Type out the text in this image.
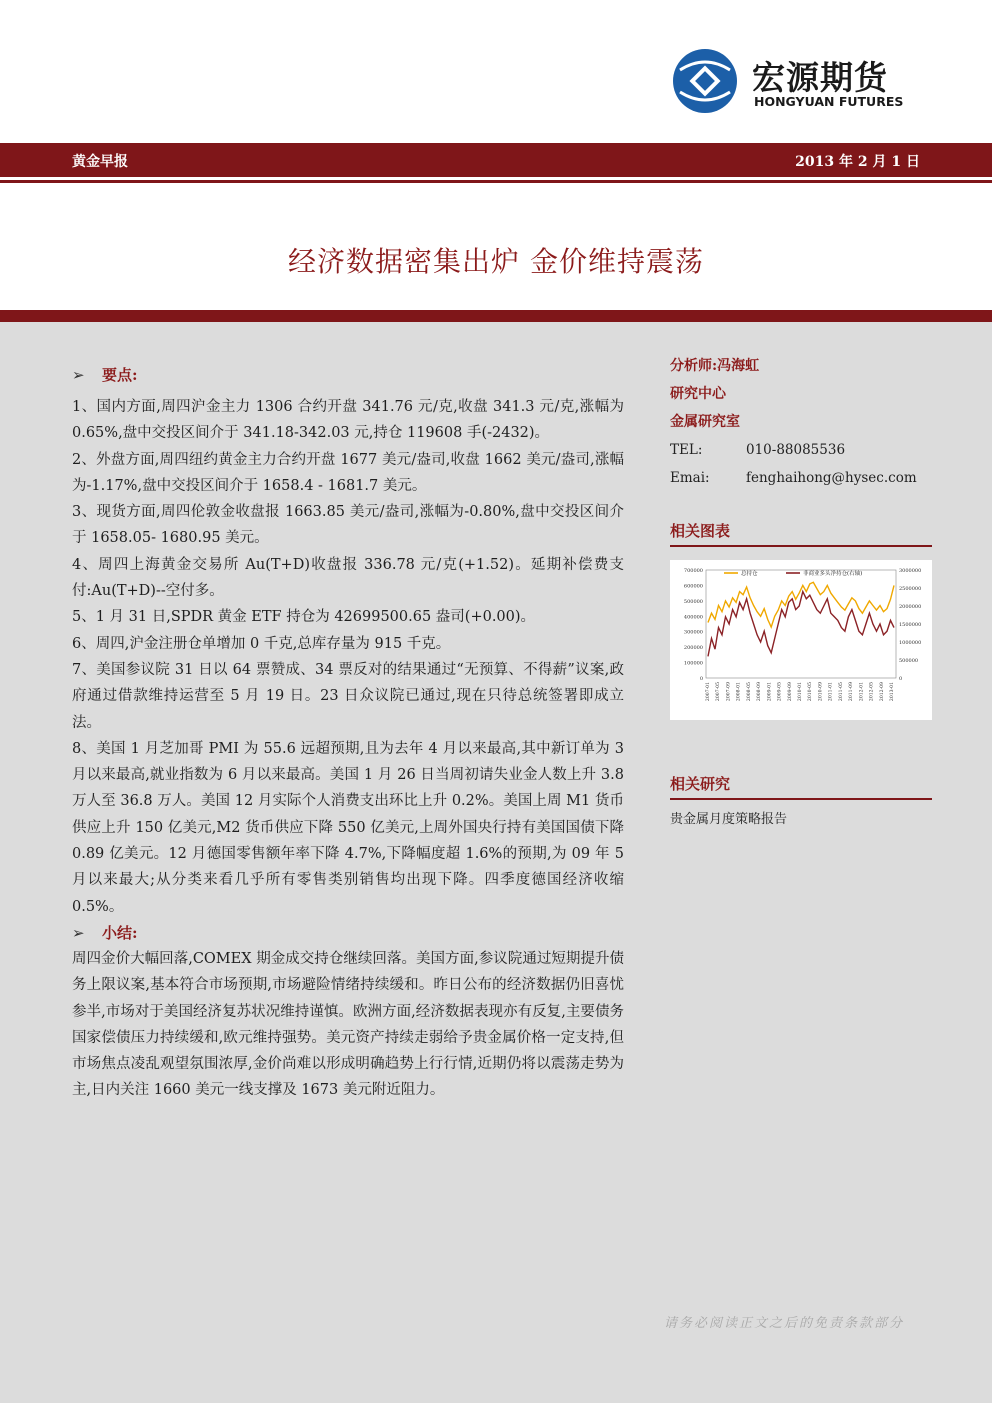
宏源期货
HONGYUAN FUTURES
黄金早报	2013 年 2 月 1 日
经济数据密集出炉 金价维持震荡
➢	要点:
1、国内方面,周四沪金主力 1306 合约开盘 341.76 元/克,收盘 341.3 元/克,涨幅为 0.65%,盘中交投区间介于 341.18-342.03 元,持仓 119608 手(-2432)。
2、外盘方面,周四纽约黄金主力合约开盘 1677 美元/盎司,收盘 1662 美元/盎司,涨幅为-1.17%,盘中交投区间介于 1658.4 - 1681.7 美元。
3、现货方面,周四伦敦金收盘报 1663.85 美元/盎司,涨幅为-0.80%,盘中交投区间介于 1658.05- 1680.95 美元。
4、周四上海黄金交易所 Au(T+D)收盘报 336.78 元/克(+1.52)。延期补偿费支付:Au(T+D)--空付多。
5、1 月 31 日,SPDR 黄金 ETF 持仓为 42699500.65 盎司(+0.00)。
6、周四,沪金注册仓单增加 0 千克,总库存量为 915 千克。
7、美国参议院 31 日以 64 票赞成、34 票反对的结果通过“无预算、不得薪”议案,政府通过借款维持运营至 5 月 19 日。23 日众议院已通过,现在只待总统签署即成立法。
8、美国 1 月芝加哥 PMI 为 55.6 远超预期,且为去年 4 月以来最高,其中新订单为 3 月以来最高,就业指数为 6 月以来最高。美国 1 月 26 日当周初请失业金人数上升 3.8 万人至 36.8 万人。美国 12 月实际个人消费支出环比上升 0.2%。美国上周 M1 货币供应上升 150 亿美元,M2 货币供应下降 550 亿美元,上周外国央行持有美国国债下降 0.89 亿美元。12 月德国零售额年率下降 4.7%,下降幅度超 1.6%的预期,为 09 年 5 月以来最大;从分类来看几乎所有零售类别销售均出现下降。四季度德国经济收缩 0.5%。
➢	小结:
周四金价大幅回落,COMEX 期金成交持仓继续回落。美国方面,参议院通过短期提升债务上限议案,基本符合市场预期,市场避险情绪持续缓和。昨日公布的经济数据仍旧喜忧参半,市场对于美国经济复苏状况维持谨慎。欧洲方面,经济数据表现亦有反复,主要债务国家偿债压力持续缓和,欧元维持强势。美元资产持续走弱给予贵金属价格一定支持,但市场焦点凌乱观望氛围浓厚,金价尚难以形成明确趋势上行行情,近期仍将以震荡走势为主,日内关注 1660 美元一线支撑及 1673 美元附近阻力。
分析师:冯海虹
研究中心
金属研究室
TEL:	010-88085536
Emai:	fenghaihong@hysec.com
相关图表
相关研究
贵金属月度策略报告
700000
600000
500000
400000
300000
200000
100000
0
3000000
2500000
2000000
1500000
1000000
500000
0
2007-01 2007-05 2007-09 2008-01 2008-05 2008-09 2009-01 2009-05 2009-09 2010-01 2010-05 2010-09 2011-01 2011-05 2011-09 2012-01 2012-05 2012-09 2013-01
总持仓	非商业多头净持仓(右轴)
请务必阅读正文之后的免责条款部分
